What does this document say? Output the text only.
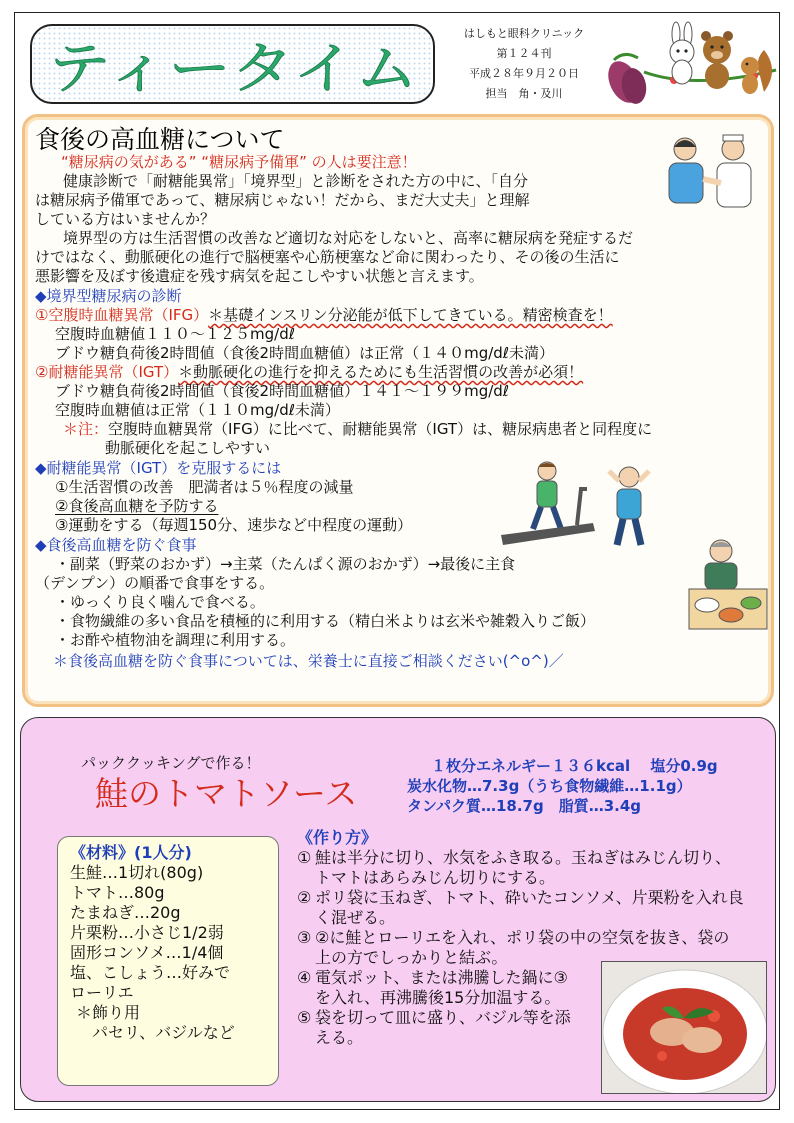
ティータイム
はしもと眼科クリニック
第１２４刊
平成２８年９月２０日
担当　角・及川
食後の高血糖について
“糖尿病の気がある” “糖尿病予備軍” の人は要注意！
健康診断で「耐糖能異常」「境界型」と診断をされた方の中に、「自分
は糖尿病予備軍であって、糖尿病じゃない！だから、まだ大丈夫」と理解
している方はいませんか？
境界型の方は生活習慣の改善など適切な対応をしないと、高率に糖尿病を発症するだ
けではなく、動脈硬化の進行で脳梗塞や心筋梗塞など命に関わったり、その後の生活に
悪影響を及ぼす後遺症を残す病気を起こしやすい状態と言えます。
◆境界型糖尿病の診断
①空腹時血糖異常（IFG）＊基礎インスリン分泌能が低下してきている。精密検査を！
空腹時血糖値１１０～１２５mg/dℓ
ブドウ糖負荷後2時間値（食後2時間血糖値）は正常（１４０mg/dℓ未満）
②耐糖能異常（IGT）＊動脈硬化の進行を抑えるためにも生活習慣の改善が必須！
ブドウ糖負荷後2時間値（食後2時間血糖値）１４１～１９９mg/dℓ
空腹時血糖値は正常（１１０mg/dℓ未満）
＊注：空腹時血糖異常（IFG）に比べて、耐糖能異常（IGT）は、糖尿病患者と同程度に
動脈硬化を起こしやすい
◆耐糖能異常（IGT）を克服するには
①生活習慣の改善　肥満者は５％程度の減量
②食後高血糖を予防する
③運動をする（毎週150分、速歩など中程度の運動）
◆食後高血糖を防ぐ食事
・副菜（野菜のおかず）→主菜（たんぱく源のおかず）→最後に主食
（デンプン）の順番で食事をする。
・ゆっくり良く噛んで食べる。
・食物繊維の多い食品を積極的に利用する（精白米よりは玄米や雑穀入りご飯）
・お酢や植物油を調理に利用する。
＊食後高血糖を防ぐ食事については、栄養士に直接ご相談ください(^o^)／
パッククッキングで作る！
鮭のトマトソース
１枚分エネルギー１３６kcal　 塩分0.9g
炭水化物…7.3g（うち食物繊維…1.1g）
タンパク質…18.7g　脂質…3.4g
《材料》(1人分)
生鮭…1切れ(80g)
トマト…80g
たまねぎ…20g
片栗粉…小さじ1/2弱
固形コンソメ…1/4個
塩、こしょう…好みで
ローリエ
＊飾り用
　パセリ、バジルなど
《作り方》
① 鮭は半分に切り、水気をふき取る。玉ねぎはみじん切り、
トマトはあらみじん切りにする。
② ポリ袋に玉ねぎ、トマト、砕いたコンソメ、片栗粉を入れ良
く混ぜる。
③ ②に鮭とローリエを入れ、ポリ袋の中の空気を抜き、袋の
上の方でしっかりと結ぶ。
④ 電気ポット、または沸騰した鍋に③
を入れ、再沸騰後15分加温する。
⑤ 袋を切って皿に盛り、バジル等を添
える。
